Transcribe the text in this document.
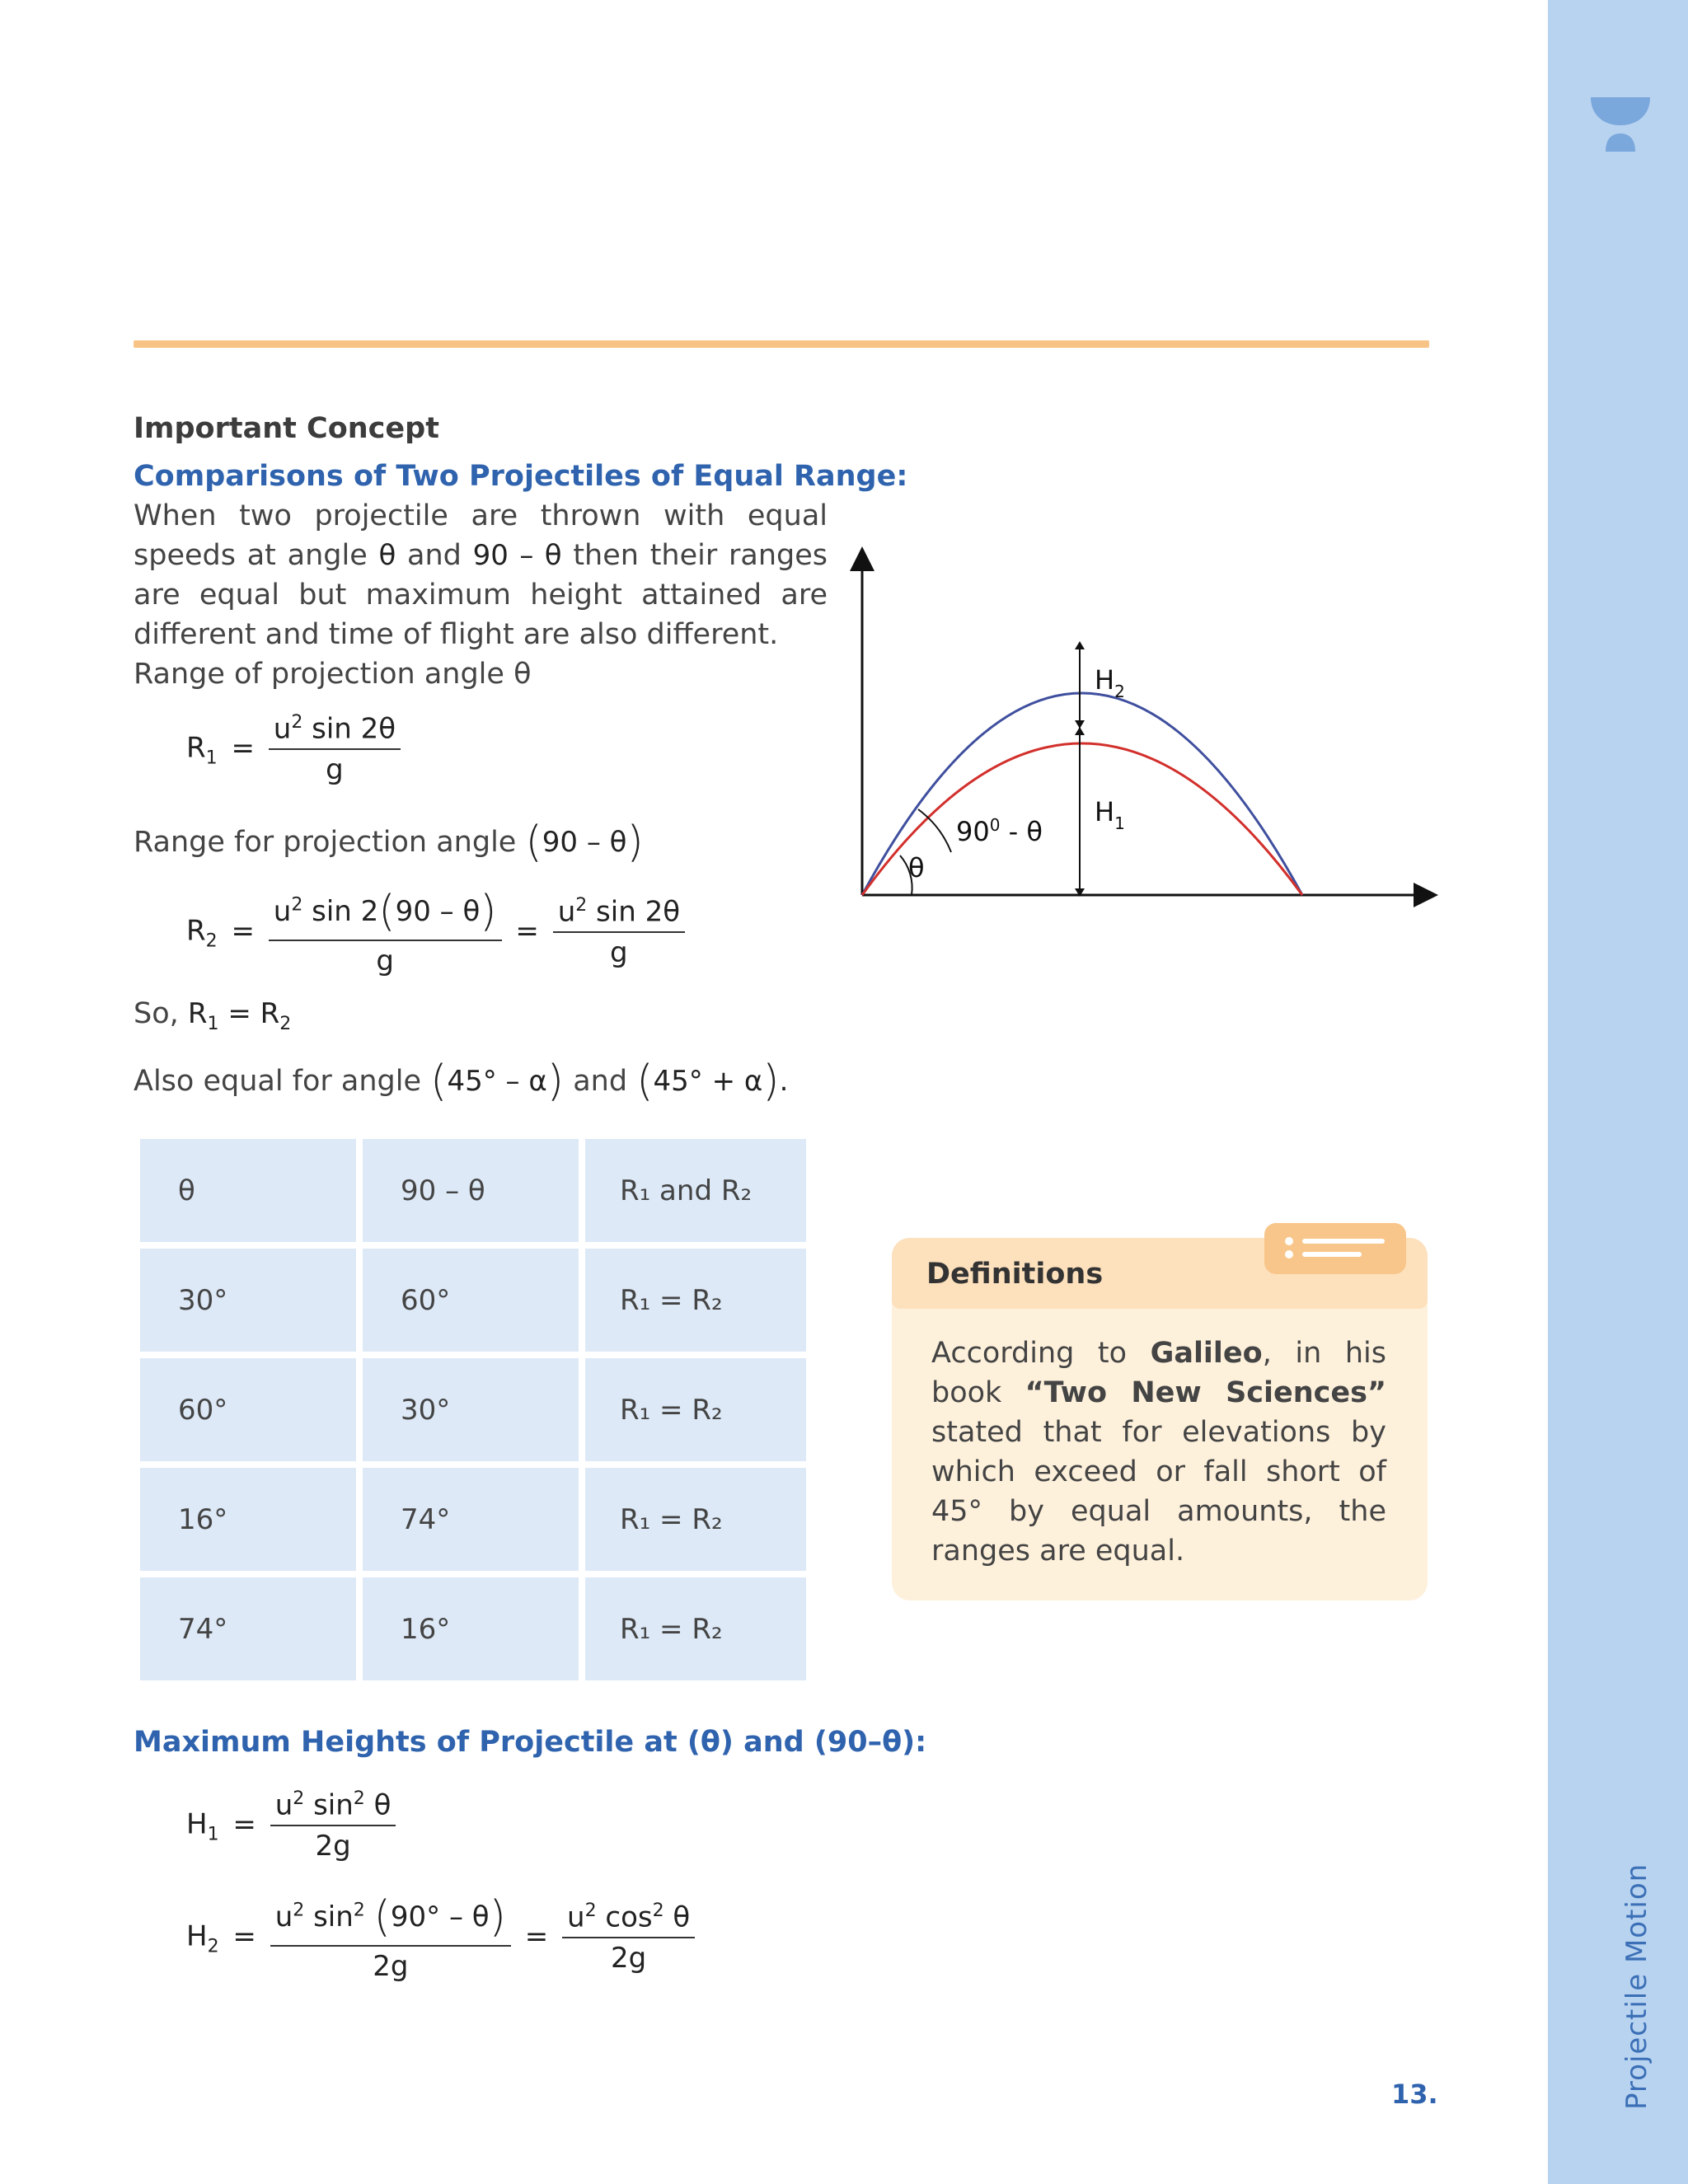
Projectile Motion
Important Concept
Comparisons of Two Projectiles of Equal Range:
When two projectile are thrown with equal speeds at angle θ and 90 – θ then their ranges are equal but maximum height attained are different and time of flight are also different.
Range of projection angle θ
$R_1 = \frac{u^2 \sin 2\theta}{g}$
Range for projection angle (90 – θ)
$R_2 = \frac{u^2 \sin 2(90 - \theta)}{g} = \frac{u^2 \sin 2\theta}{g}$
So, $R_1 = R_2$
Also equal for angle (45° – α) and (45° + α).
$H_2$
$H_1$
θ
$90^0$ - θ
θ	90 – θ	R₁ and R₂
30°	60°	R₁ = R₂
60°	30°	R₁ = R₂
16°	74°	R₁ = R₂
74°	16°	R₁ = R₂
Definitions
According to Galileo, in his book “Two New Sciences” stated that for elevations by which exceed or fall short of 45° by equal amounts, the ranges are equal.
Maximum Heights of Projectile at (θ) and (90–θ):
$H_1 = \frac{u^2 \sin^2 \theta}{2g}$
$H_2 = \frac{u^2 \sin^2 (90^\circ - \theta)}{2g} = \frac{u^2 \cos^2 \theta}{2g}$
13.
